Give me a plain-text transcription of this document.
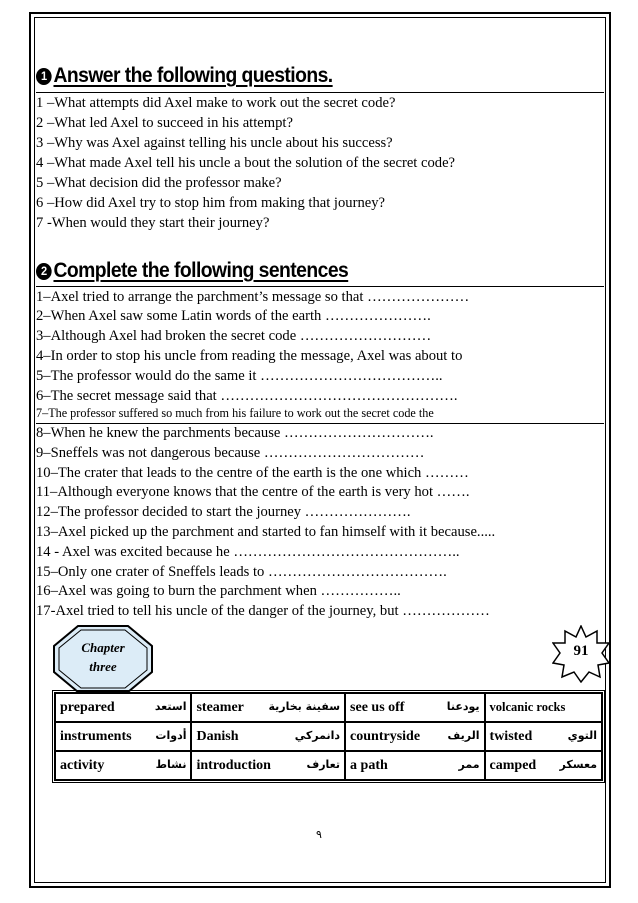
1 Answer the following questions.
1 –What attempts did Axel make to work out the secret code?
2 –What led Axel to succeed in his attempt?
3 –Why was Axel against telling his uncle about his success?
4 –What made Axel tell his uncle a bout the solution of the secret code?
5 –What decision did the professor make?
6 –How did Axel try to stop him from making that journey?
7 -When would they start their journey?
2 Complete the following sentences
1–Axel tried to arrange the parchment’s message so that …………………
2–When Axel saw some Latin words of the earth ………………….
3–Although Axel had broken the secret code ………………………
4–In order to stop his uncle from reading the message, Axel was about to
5–The professor would do the same it ………………………………..
6–The secret message said that ………………………………………….
7–The professor suffered so much from his failure to work out the secret code the
8–When he knew the parchments because ………………………….
9–Sneffels was not dangerous because ……………………………
10–The crater that leads to the centre of the earth is the one which ………
11–Although everyone knows that the centre of the earth is very hot …….
12–The professor decided to start the journey ………………….
13–Axel picked up the parchment and started to fan himself with it because.....
14 - Axel was excited because he ………………………………………..
15–Only one crater of Sneffels leads to ……………………………….
16–Axel was going to burn the parchment when ……………..
17-Axel tried to tell his uncle of the danger of the journey, but ………………
Chapter
three
91
prepared استعد	steamer سفينة بخارية	see us off يودعنا	volcanic rocks

instruments أدوات	Danish دانمركي	countryside الريف	twisted التوي

activity نشاط	introduction تعارف	a path ممر	camped معسكر
٩
